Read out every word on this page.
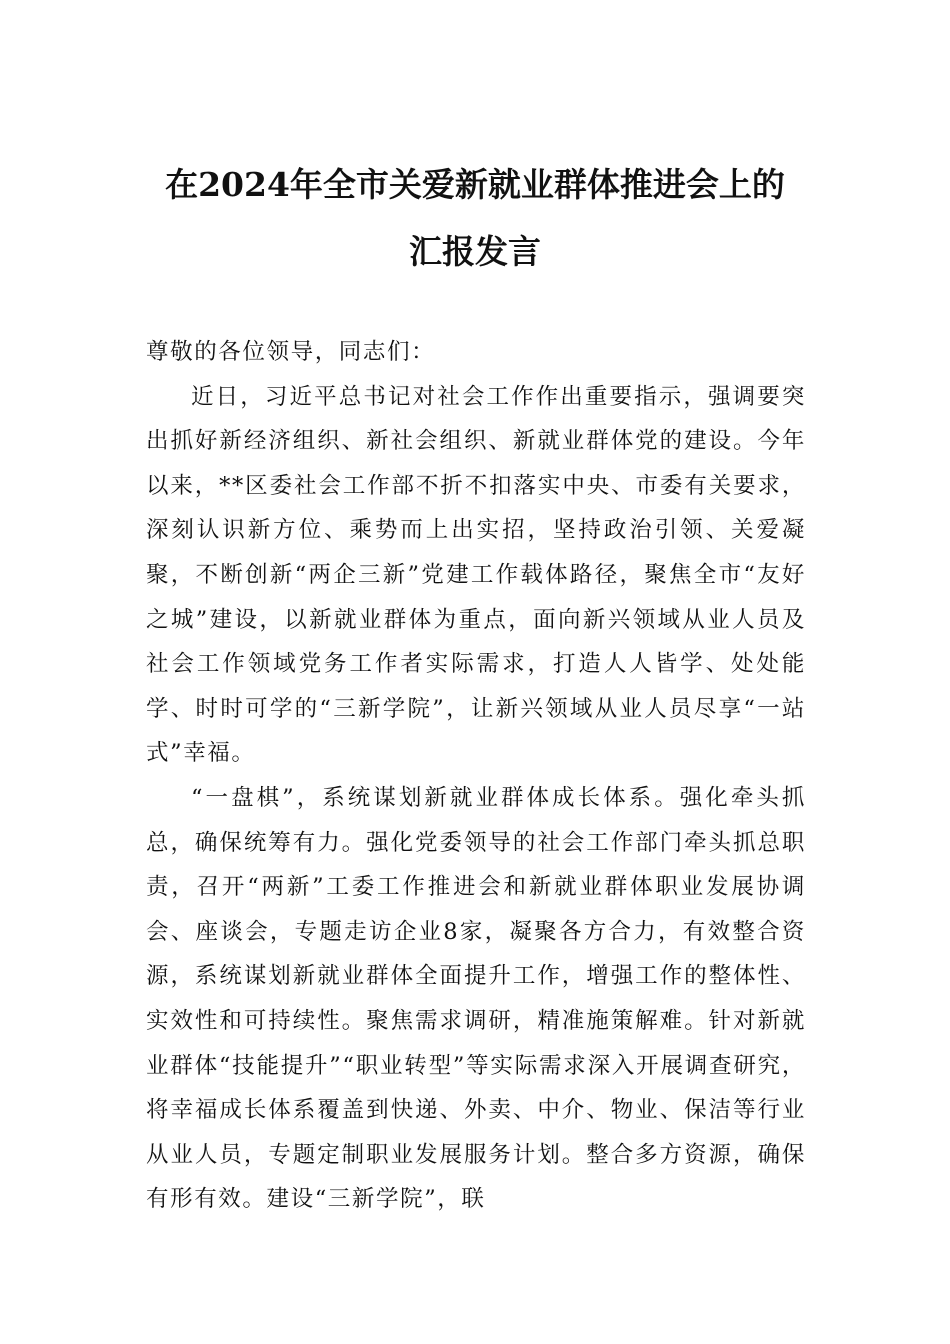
在2024年全市关爱新就业群体推进会上的
汇报发言

尊敬的各位领导，同志们：

近日，习近平总书记对社会工作作出重要指示，强调要突出抓好新经济组织、新社会组织、新就业群体党的建设。今年以来，**区委社会工作部不折不扣落实中央、市委有关要求，深刻认识新方位、乘势而上出实招，坚持政治引领、关爱凝聚，不断创新“两企三新”党建工作载体路径，聚焦全市“友好之城”建设，以新就业群体为重点，面向新兴领域从业人员及社会工作领域党务工作者实际需求，打造人人皆学、处处能学、时时可学的“三新学院”，让新兴领域从业人员尽享“一站式”幸福。

“一盘棋”，系统谋划新就业群体成长体系。强化牵头抓总，确保统筹有力。强化党委领导的社会工作部门牵头抓总职责，召开“两新”工委工作推进会和新就业群体职业发展协调会、座谈会，专题走访企业8家，凝聚各方合力，有效整合资源，系统谋划新就业群体全面提升工作，增强工作的整体性、实效性和可持续性。聚焦需求调研，精准施策解难。针对新就业群体“技能提升”“职业转型”等实际需求深入开展调查研究，将幸福成长体系覆盖到快递、外卖、中介、物业、保洁等行业从业人员，专题定制职业发展服务计划。整合多方资源，确保有形有效。建设“三新学院”，联
